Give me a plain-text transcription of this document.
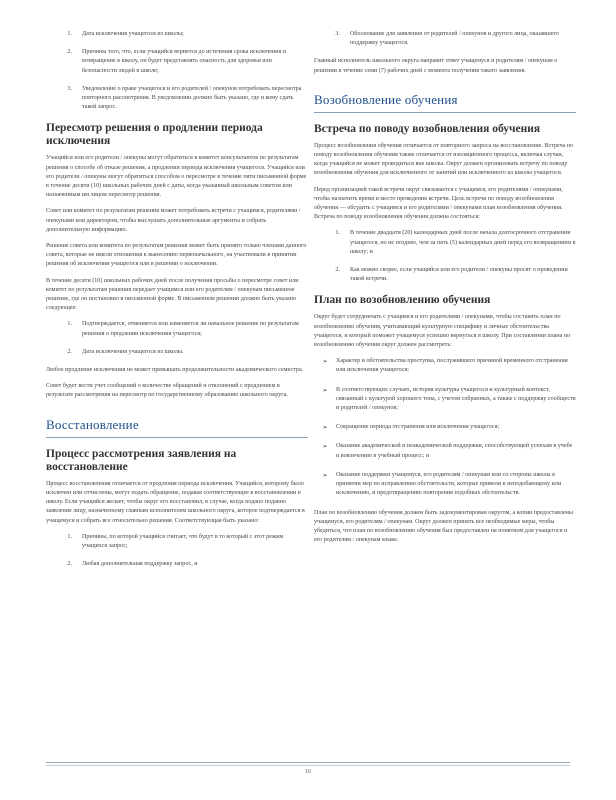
1.	Дата исключения учащегося из школы;
2.	Причины того, что, если учащийся вернется до истечения срока исключения и возвращение в школу, он будет представлять опасность для здоровья или безопасности людей в школе;
3.	Уведомление о праве учащегося и его родителей / опекунов потребовать пересмотра повторного рассмотрения. В уведомлении должно быть указано, где и кому сдать такой запрос.
Пересмотр решения о продлении периода исключения

Учащийся или его родители / опекуны могут обратиться в комитет консультантов по результатам решения о способе об отказе решения, а продлении периода исключения учащегося. Учащийся или его родители / опекуны могут обратиться способом о пересмотре в течение пяти письменной форме в течение десяти (10) школьных рабочих дней с даты, когда указанный школьным советом или назначенным им лицом пересмотр решения.

Совет или комитет по результатам решения может потребовать встречи с учащимся, родителями / опекунами или директором, чтобы выслушать дополнительные аргументы и собрать дополнительную информацию.

Решение совета или комитета по результатам решения может быть принято только членами данного совета, которые не имели отношения к вынесению первоначального, на участвовали в принятии решения об исключении учащегося или в решении о исключении.

В течение десяти (10) школьных рабочих дней после получения просьбы о пересмотре совет или комитет по результатам решения передает учащимся или его родителям / опекунам письменное решение, где он постановил в письменной форме. В письменном решении должно быть указано следующее:

1.	Подтверждается, отменяется или изменяется ли начальное решение по результатам решения о продлении исключения учащегося;
2.	Дата исключения учащегося из школы.

Любое продление исключения не может превышать продолжительности академического семестра.

Совет будет вести учет сообщений о количестве обращений и отклонений с продлением в результате рассмотрения на пересмотр по государственному образованию школьного округа.

Восстановление
Процесс рассмотрения заявления на восстановление

Процесс восстановления отличается от продления периода исключения. Учащийся, которому было исключен или отчислены, могут подать обращение, подавая соответствующее в восстановлении в школу. Если учащийся желает, чтобы округ его восстановил, в случае, когда подано подавно заявление лицу, назначенному главным исполнителем школьного округа, которое подтверждается к учащемуся и собрать все относительно решения. Соответствующая быть указано:

1.	Причины, по которой учащийся считает, что будут в то который с этот режим учащихся запрос;
2.	Любая дополнительная поддержку запрос, и
3.	Обоснование для заявления от родителей / опекунов и другого лица, оказавшего поддержку учащегося.

Главный исполнитель школьного округа направит ответ учащемуся и родителям / опекунам о решении в течение семи (7) рабочих дней с момента получения такого заявления.

Возобновление обучения
Встреча по поводу возобновления обучения

Процесс возобновления обучения отличается от повторного запроса на восстановление. Встреча по поводу возобновления обучения также отличается от изоляционного процесса, включая случаи, когда учащийся не может проводиться вне школы. Округ должен организовать встречу по поводу возобновления обучения для исключенного от занятий или исключенного из школы учащегося.

Перед организацией такой встречи округ связывается с учащимся, его родителями / опекунами, чтобы назначить время и место проведения встречи. Цель встречи по поводу возобновления обучения — обсудить с учащимся и его родителями / опекунами план возобновления обучения. Встреча по поводу возобновления обучения должна состояться:

1.	В течение двадцати (20) календарных дней после начала долгосрочного отстранения учащегося, но не позднее, чем за пять (5) календарных дней перед его возвращением в школу; и
2.	Как можно скорее, если учащийся или его родители / опекуны просят о проведении такой встречи.
План по возобновлению обучения

Округ будет сотрудничать с учащимся и его родителями / опекунами, чтобы составить план по возобновлению обучения, учитывающий культурную специфику и личные обстоятельства учащегося, и который поможет учащемуся успешно вернуться в школу. При составлении плана по возобновлению обучения округ должен рассмотреть:

➢	Характер и обстоятельства проступка, послужившего причиной временного отстранения или исключения учащегося;
➢	В соответствующих случаях, история культуры учащегося и культурный контекст, связанный с культурой хорошего тона, с учетом собранных, а также с поддержку сообществ и родителей / опекунов;
➢	Сокращение периода отстранения или исключения учащегося;
➢	Оказание академической и неакадемической поддержки, способствующей успехам в учебе и вовлечению в учебный процесс; и
➢	Оказание поддержки учащемуся, его родителям / опекунам или со стороны школы в принятии мер по исправлению обстоятельств, которые привели к неподобающему или исключению, и предотвращению повторения подобных обстоятельств.

План по возобновлению обучения должен быть задокументирован округом, а копии предоставлены учащемуся, его родителям / опекунам. Округ должен принять все необходимые меры, чтобы убедиться, что план по возобновлению обучения был предоставлен на понятном для учащегося и его родителям / опекунам языке.

16
